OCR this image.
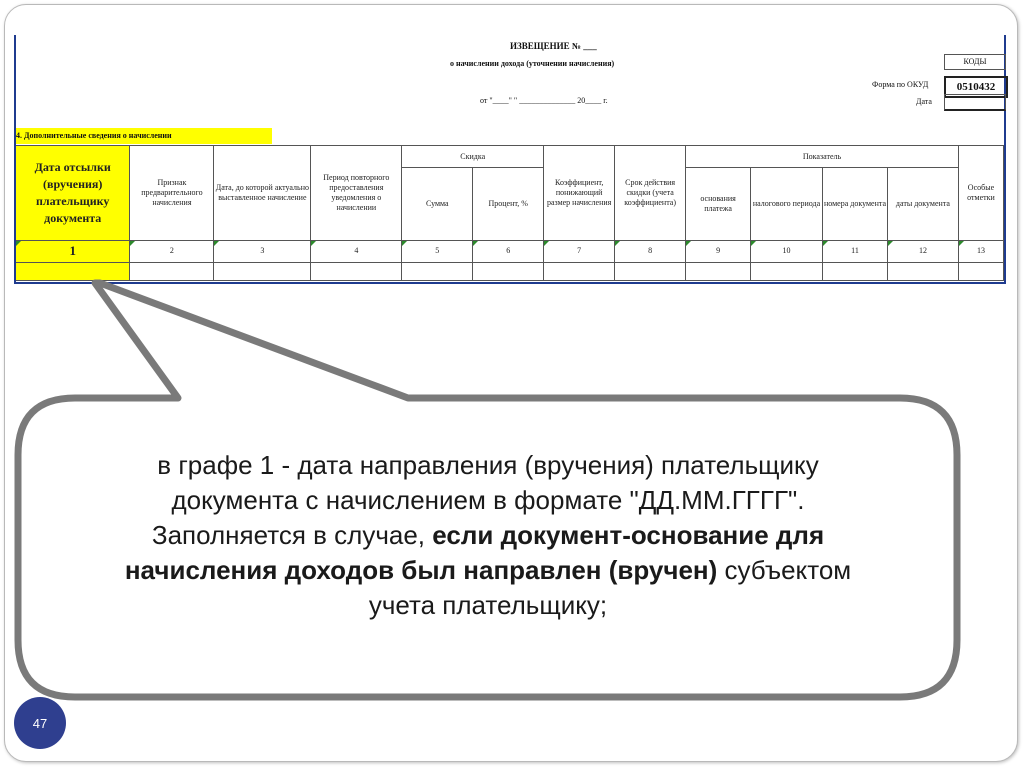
ИЗВЕЩЕНИЕ № ___
о начислении дохода (уточнении начисления)	КОДЫ
Форма по ОКУД	0510432
от "____" " ______________ 20____ г.	Дата
4. Дополнительные сведения о начислении
Дата отсылки (вручения) плательщику документа	Признак предварительного начисления	Дата, до которой актуально выставленное начисление	Период повторного предоставления уведомления о начислении	Скидка		Коэффициент, понижающий размер начисления	Срок действия скидки (учета коэффициента)	Показатель				Особые отметки
				Сумма	Процент, %			основания платежа	налогового периода	номера документа	даты документа	
1	2	3	4	5	6	7	8	9	10	11	12	13

в графе 1 - дата направления (вручения) плательщику
документа с начислением в формате "ДД.ММ.ГГГГ".
Заполняется в случае, если документ-основание для
начисления доходов был направлен (вручен) субъектом
учета плательщику;
47
